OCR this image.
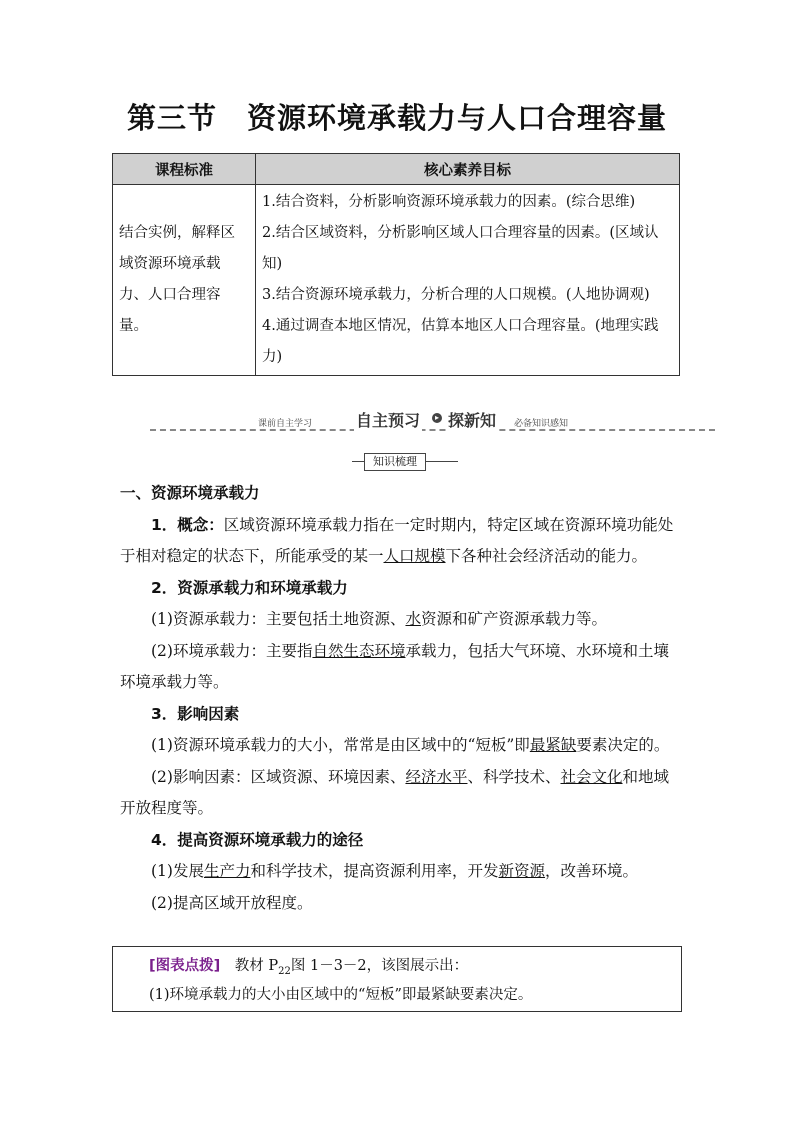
第三节　资源环境承载力与人口合理容量
课程标准	核心素养目标
结合实例，解释区域资源环境承载力、人口合理容量。	1.结合资料，分析影响资源环境承载力的因素。(综合思维)
2.结合区域资料，分析影响区域人口合理容量的因素。(区域认知)
3.结合资源环境承载力，分析合理的人口规模。(人地协调观)
4.通过调查本地区情况，估算本地区人口合理容量。(地理实践力)
课前自主学习	自主预习	▸ 探新知 必备知识感知
知识梳理

一、资源环境承载力

1．概念：区域资源环境承载力指在一定时期内，特定区域在资源环境功能处于相对稳定的状态下，所能承受的某一人口规模下各种社会经济活动的能力。

2．资源承载力和环境承载力

(1)资源承载力：主要包括土地资源、水资源和矿产资源承载力等。

(2)环境承载力：主要指自然生态环境承载力，包括大气环境、水环境和土壤环境承载力等。

3．影响因素

(1)资源环境承载力的大小，常常是由区域中的“短板”即最紧缺要素决定的。

(2)影响因素：区域资源、环境因素、经济水平、科学技术、社会文化和地域开放程度等。

4．提高资源环境承载力的途径

(1)发展生产力和科学技术，提高资源利用率，开发新资源，改善环境。

(2)提高区域开放程度。

[图表点拨]　 教材 $P_{22}$图 1－3－2，该图展示出：
(1)环境承载力的大小由区域中的“短板”即最紧缺要素决定。
